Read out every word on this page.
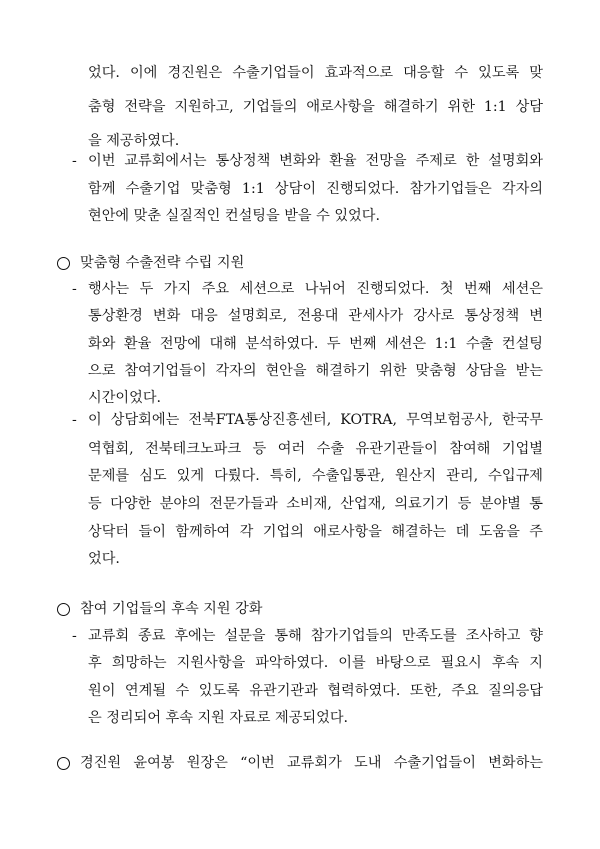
었다. 이에 경진원은 수출기업들이 효과적으로 대응할 수 있도록 맞
춤형 전략을 지원하고, 기업들의 애로사항을 해결하기 위한 1:1 상담
을 제공하였다.
- 이번 교류회에서는 통상정책 변화와 환율 전망을 주제로 한 설명회와
함께 수출기업 맞춤형 1:1 상담이 진행되었다. 참가기업들은 각자의
현안에 맞춘 실질적인 컨설팅을 받을 수 있었다.
맞춤형 수출전략 수립 지원
- 행사는 두 가지 주요 세션으로 나뉘어 진행되었다. 첫 번째 세션은
통상환경 변화 대응 설명회로, 전용대 관세사가 강사로 통상정책 변
화와 환율 전망에 대해 분석하였다. 두 번째 세션은 1:1 수출 컨설팅
으로 참여기업들이 각자의 현안을 해결하기 위한 맞춤형 상담을 받는
시간이었다.
- 이 상담회에는 전북FTA통상진흥센터, KOTRA, 무역보험공사, 한국무
역협회, 전북테크노파크 등 여러 수출 유관기관들이 참여해 기업별
문제를 심도 있게 다뤘다. 특히, 수출입통관, 원산지 관리, 수입규제
등 다양한 분야의 전문가들과 소비재, 산업재, 의료기기 등 분야별 통
상닥터 들이 함께하여 각 기업의 애로사항을 해결하는 데 도움을 주
었다.
참여 기업들의 후속 지원 강화
- 교류회 종료 후에는 설문을 통해 참가기업들의 만족도를 조사하고 향
후 희망하는 지원사항을 파악하였다. 이를 바탕으로 필요시 후속 지
원이 연계될 수 있도록 유관기관과 협력하였다. 또한, 주요 질의응답
은 정리되어 후속 지원 자료로 제공되었다.
경진원 윤여봉 원장은 “이번 교류회가 도내 수출기업들이 변화하는
